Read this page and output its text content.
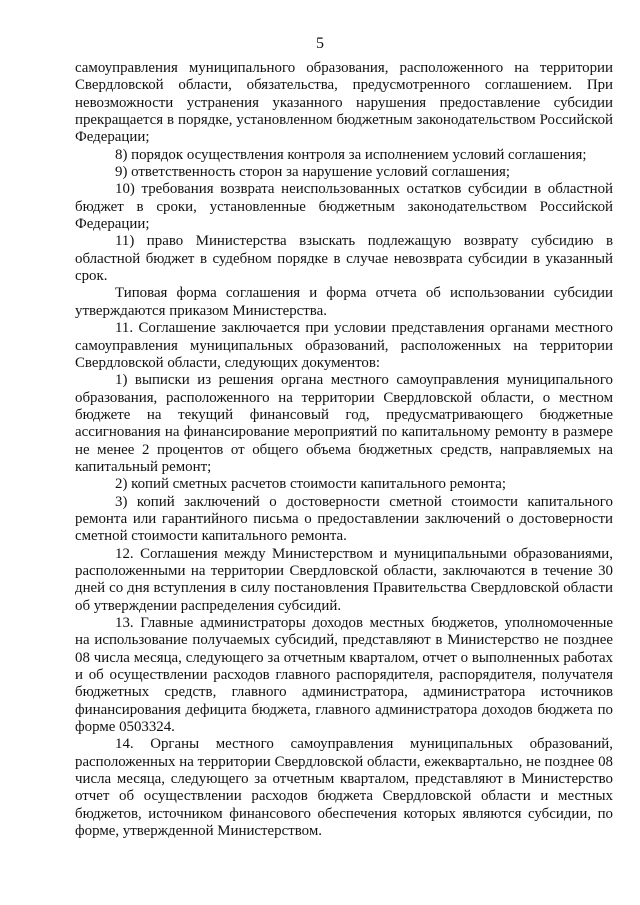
5

самоуправления муниципального образования, расположенного на территории Свердловской области, обязательства, предусмотренного соглашением. При невозможности устранения указанного нарушения предоставление субсидии прекращается в порядке, установленном бюджетным законодательством Российской Федерации;

8) порядок осуществления контроля за исполнением условий соглашения;

9) ответственность сторон за нарушение условий соглашения;

10) требования возврата неиспользованных остатков субсидии в областной бюджет в сроки, установленные бюджетным законодательством Российской Федерации;

11) право Министерства взыскать подлежащую возврату субсидию в областной бюджет в судебном порядке в случае невозврата субсидии в указанный срок.

Типовая форма соглашения и форма отчета об использовании субсидии утверждаются приказом Министерства.

11. Соглашение заключается при условии представления органами местного самоуправления муниципальных образований, расположенных на территории Свердловской области, следующих документов:

1) выписки из решения органа местного самоуправления муниципального образования, расположенного на территории Свердловской области, о местном бюджете на текущий финансовый год, предусматривающего бюджетные ассигнования на финансирование мероприятий по капитальному ремонту в размере не менее 2 процентов от общего объема бюджетных средств, направляемых на капитальный ремонт;

2) копий сметных расчетов стоимости капитального ремонта;

3) копий заключений о достоверности сметной стоимости капитального ремонта или гарантийного письма о предоставлении заключений о достоверности сметной стоимости капитального ремонта.

12. Соглашения между Министерством и муниципальными образованиями, расположенными на территории Свердловской области, заключаются в течение 30 дней со дня вступления в силу постановления Правительства Свердловской области об утверждении распределения субсидий.

13. Главные администраторы доходов местных бюджетов, уполномоченные на использование получаемых субсидий, представляют в Министерство не позднее 08 числа месяца, следующего за отчетным кварталом, отчет о выполненных работах и об осуществлении расходов главного распорядителя, распорядителя, получателя бюджетных средств, главного администратора, администратора источников финансирования дефицита бюджета, главного администратора доходов бюджета по форме 0503324.

14. Органы местного самоуправления муниципальных образований, расположенных на территории Свердловской области, ежеквартально, не позднее 08 числа месяца, следующего за отчетным кварталом, представляют в Министерство отчет об осуществлении расходов бюджета Свердловской области и местных бюджетов, источником финансового обеспечения которых являются субсидии, по форме, утвержденной Министерством.
